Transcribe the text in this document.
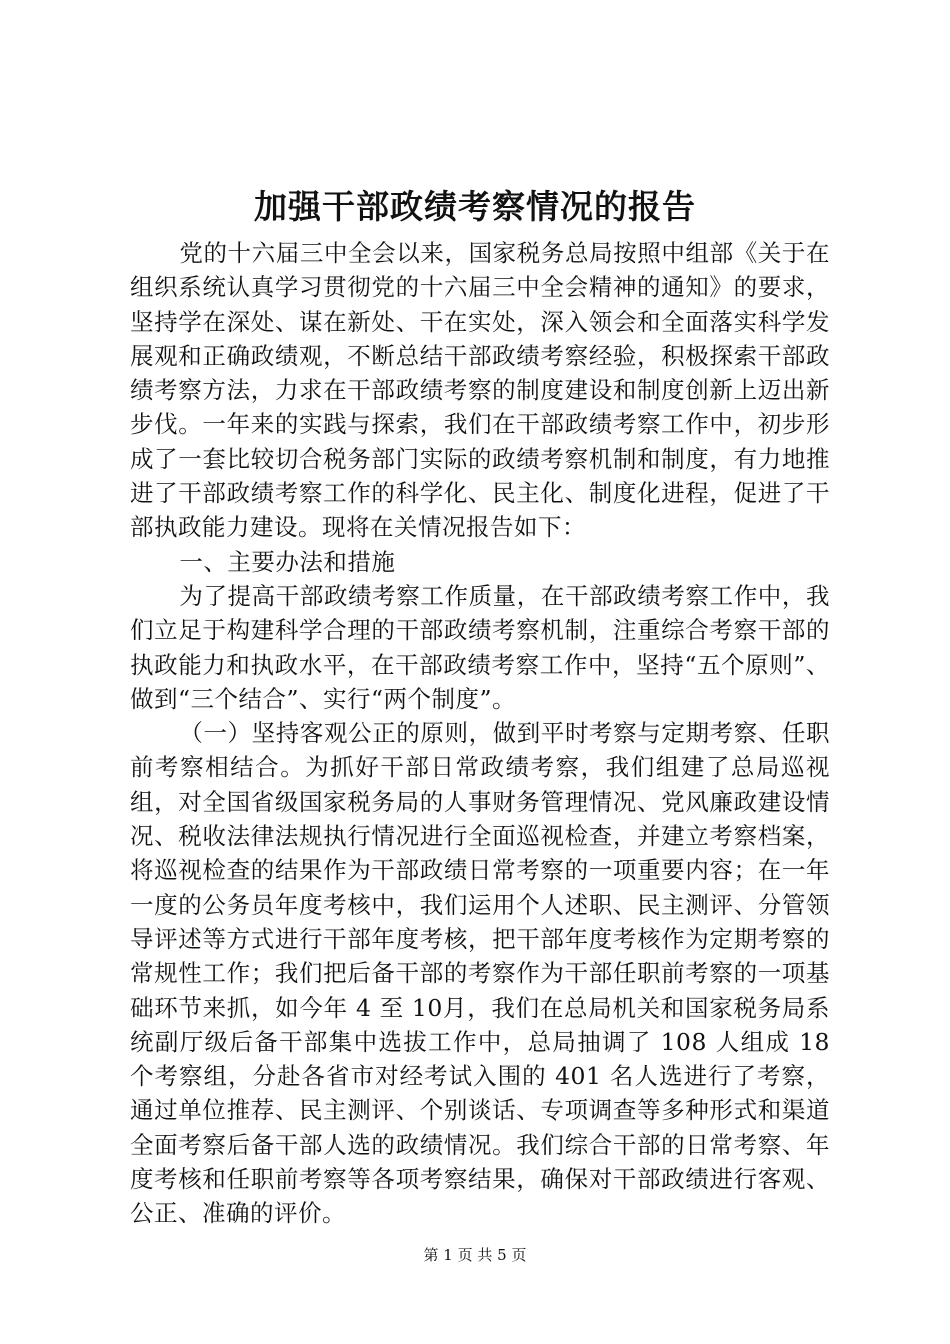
加强干部政绩考察情况的报告

党的十六届三中全会以来，国家税务总局按照中组部《关于在组织系统认真学习贯彻党的十六届三中全会精神的通知》的要求，坚持学在深处、谋在新处、干在实处，深入领会和全面落实科学发展观和正确政绩观，不断总结干部政绩考察经验，积极探索干部政绩考察方法，力求在干部政绩考察的制度建设和制度创新上迈出新步伐。一年来的实践与探索，我们在干部政绩考察工作中，初步形成了一套比较切合税务部门实际的政绩考察机制和制度，有力地推进了干部政绩考察工作的科学化、民主化、制度化进程，促进了干部执政能力建设。现将在关情况报告如下：

一、主要办法和措施

为了提高干部政绩考察工作质量，在干部政绩考察工作中，我们立足于构建科学合理的干部政绩考察机制，注重综合考察干部的执政能力和执政水平，在干部政绩考察工作中，坚持“五个原则”、做到“三个结合”、实行“两个制度”。

（一）坚持客观公正的原则，做到平时考察与定期考察、任职前考察相结合。为抓好干部日常政绩考察，我们组建了总局巡视组，对全国省级国家税务局的人事财务管理情况、党风廉政建设情况、税收法律法规执行情况进行全面巡视检查，并建立考察档案，将巡视检查的结果作为干部政绩日常考察的一项重要内容；在一年一度的公务员年度考核中，我们运用个人述职、民主测评、分管领导评述等方式进行干部年度考核，把干部年度考核作为定期考察的常规性工作；我们把后备干部的考察作为干部任职前考察的一项基础环节来抓，如今年 4 至 10月，我们在总局机关和国家税务局系统副厅级后备干部集中选拔工作中，总局抽调了 108 人组成 18 个考察组，分赴各省市对经考试入围的 401 名人选进行了考察，通过单位推荐、民主测评、个别谈话、专项调查等多种形式和渠道全面考察后备干部人选的政绩情况。我们综合干部的日常考察、年度考核和任职前考察等各项考察结果，确保对干部政绩进行客观、公正、准确的评价。

第 1 页 共 5 页
